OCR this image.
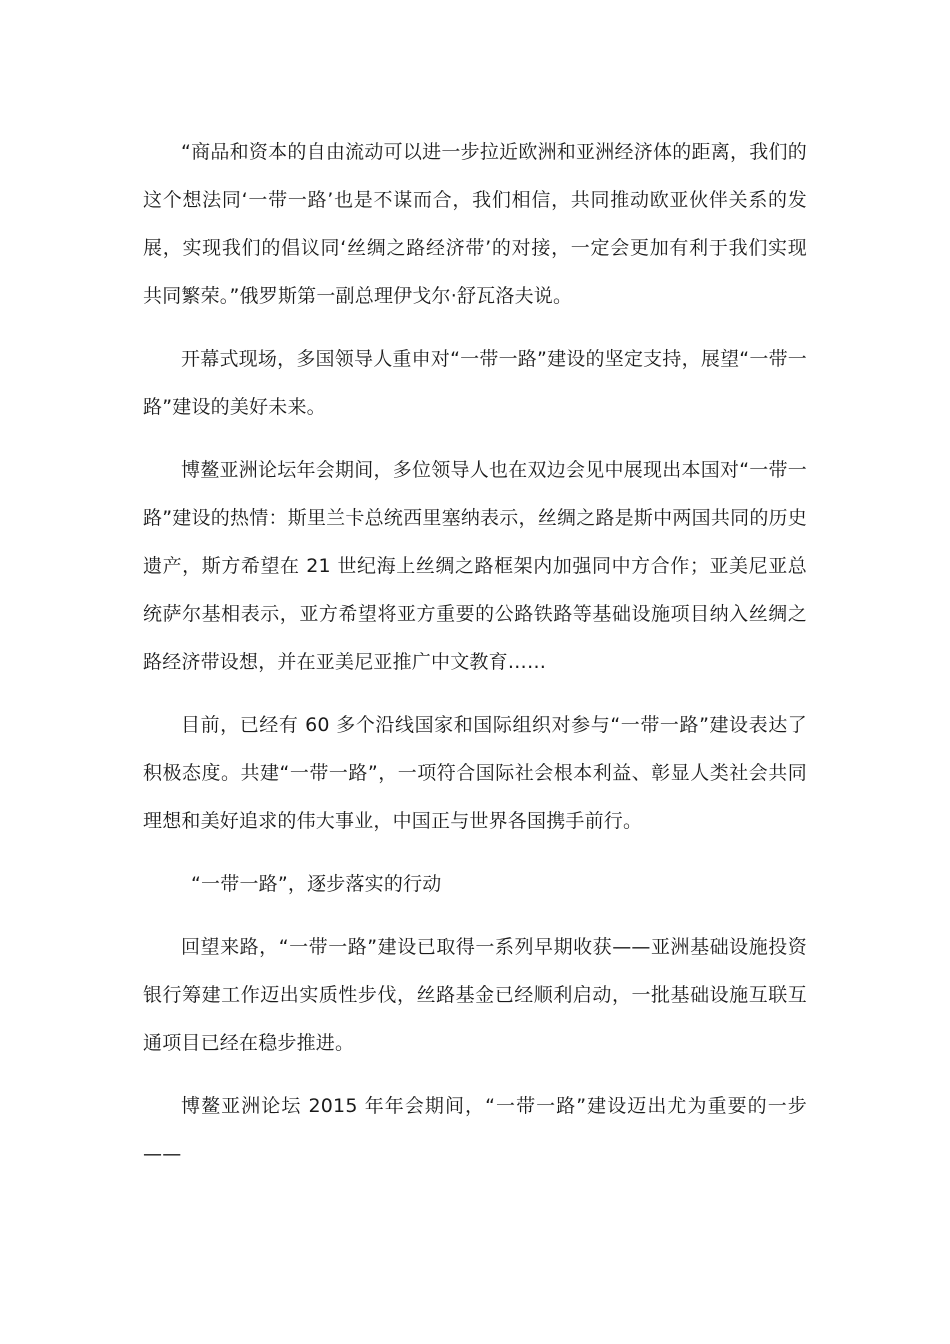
“商品和资本的自由流动可以进一步拉近欧洲和亚洲经济体的距离，我们的这个想法同‘一带一路’也是不谋而合，我们相信，共同推动欧亚伙伴关系的发展，实现我们的倡议同‘丝绸之路经济带’的对接，一定会更加有利于我们实现共同繁荣。”俄罗斯第一副总理伊戈尔·舒瓦洛夫说。

开幕式现场，多国领导人重申对“一带一路”建设的坚定支持，展望“一带一路”建设的美好未来。

博鳌亚洲论坛年会期间，多位领导人也在双边会见中展现出本国对“一带一路”建设的热情：斯里兰卡总统西里塞纳表示，丝绸之路是斯中两国共同的历史遗产，斯方希望在 21 世纪海上丝绸之路框架内加强同中方合作；亚美尼亚总统萨尔基相表示，亚方希望将亚方重要的公路铁路等基础设施项目纳入丝绸之路经济带设想，并在亚美尼亚推广中文教育……

目前，已经有 60 多个沿线国家和国际组织对参与“一带一路”建设表达了积极态度。共建“一带一路”，一项符合国际社会根本利益、彰显人类社会共同理想和美好追求的伟大事业，中国正与世界各国携手前行。

“一带一路”，逐步落实的行动

回望来路，“一带一路”建设已取得一系列早期收获——亚洲基础设施投资银行筹建工作迈出实质性步伐，丝路基金已经顺利启动，一批基础设施互联互通项目已经在稳步推进。

博鳌亚洲论坛 2015 年年会期间，“一带一路”建设迈出尤为重要的一步——
